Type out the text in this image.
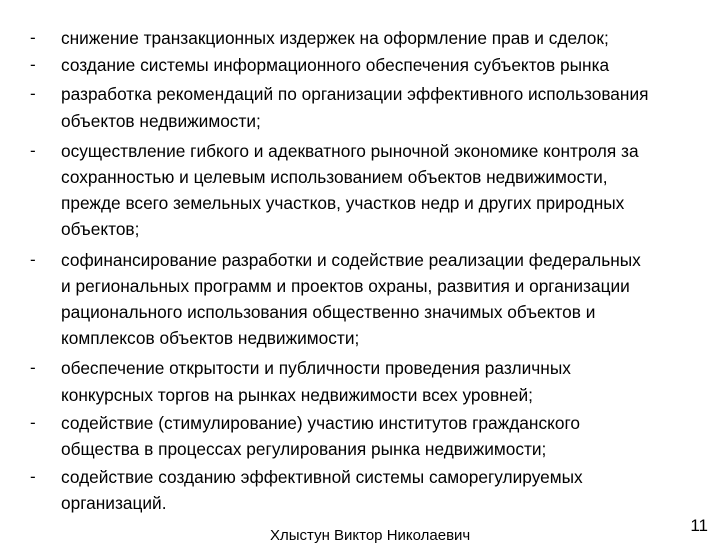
-	снижение транзакционных издержек на оформление прав и сделок;
-	создание системы информационного обеспечения субъектов рынка
-	разработка рекомендаций по организации эффективного использования
объектов недвижимости;
-	осуществление гибкого и адекватного рыночной экономике контроля за
сохранностью и целевым использованием объектов недвижимости,
прежде всего земельных участков, участков недр и других природных
объектов;
-	софинансирование разработки и содействие реализации федеральных
и региональных программ и проектов охраны, развития и организации
рационального использования общественно значимых объектов и
комплексов объектов недвижимости;
-	обеспечение открытости и публичности проведения различных
конкурсных торгов на рынках недвижимости всех уровней;
-	содействие (стимулирование) участию институтов гражданского
общества в процессах регулирования рынка недвижимости;
-	содействие созданию эффективной системы саморегулируемых
организаций.
Хлыстун Виктор Николаевич
11
